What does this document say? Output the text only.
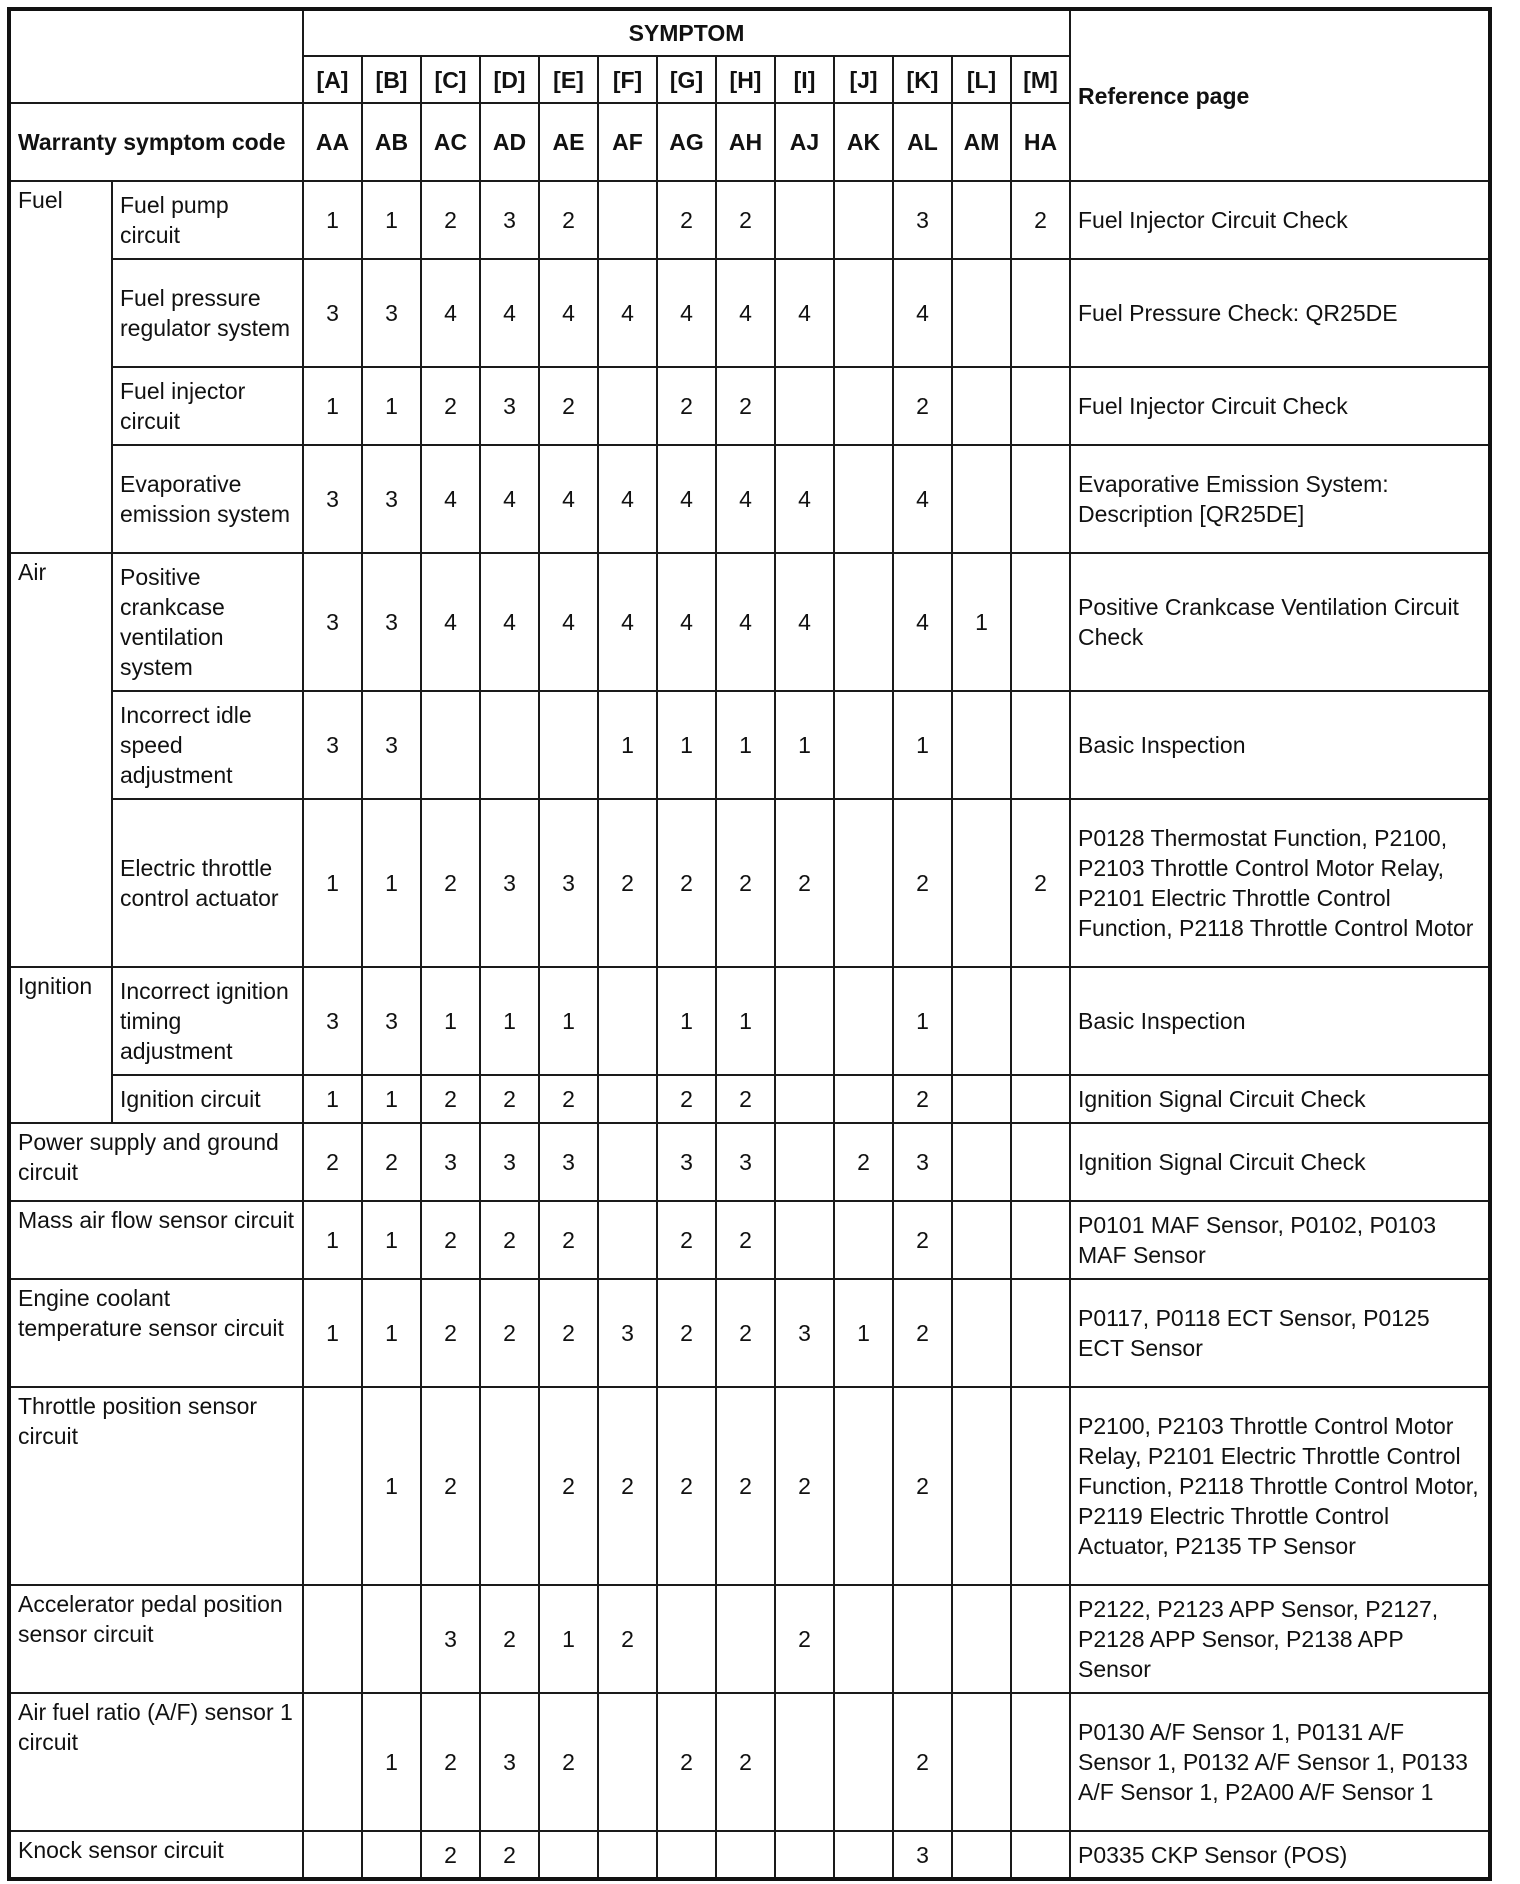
		SYMPTOM													Reference page
		[A]	[B]	[C]	[D]	[E]	[F]	[G]	[H]	[I]	[J]	[K]	[L]	[M]	
Warranty symptom code		AA	AB	AC	AD	AE	AF	AG	AH	AJ	AK	AL	AM	HA	
Fuel	Fuel pump circuit	1	1	2	3	2		2	2			3		2	Fuel Injector Circuit Check
	Fuel pressure regulator system	3	3	4	4	4	4	4	4	4		4			Fuel Pressure Check: QR25DE
	Fuel injector circuit	1	1	2	3	2		2	2			2			Fuel Injector Circuit Check
	Evaporative emission system	3	3	4	4	4	4	4	4	4		4			Evaporative Emission System: Description [QR25DE]
Air	Positive crankcase ventilation system	3	3	4	4	4	4	4	4	4		4	1		Positive Crankcase Ventilation Circuit Check
	Incorrect idle speed adjustment	3	3				1	1	1	1		1			Basic Inspection
	Electric throttle control actuator	1	1	2	3	3	2	2	2	2		2		2	P0128 Thermostat Function, P2100, P2103 Throttle Control Motor Relay, P2101 Electric Throttle Control Function, P2118 Throttle Control Motor
Ignition	Incorrect ignition timing adjustment	3	3	1	1	1		1	1			1			Basic Inspection
	Ignition circuit	1	1	2	2	2		2	2			2			Ignition Signal Circuit Check
Power supply and ground circuit		2	2	3	3	3		3	3		2	3			Ignition Signal Circuit Check
Mass air flow sensor circuit		1	1	2	2	2		2	2			2			P0101 MAF Sensor, P0102, P0103 MAF Sensor
Engine coolant temperature sensor circuit		1	1	2	2	2	3	2	2	3	1	2			P0117, P0118 ECT Sensor, P0125 ECT Sensor
Throttle position sensor circuit			1	2		2	2	2	2	2		2			P2100, P2103 Throttle Control Motor Relay, P2101 Electric Throttle Control Function, P2118 Throttle Control Motor, P2119 Electric Throttle Control Actuator, P2135 TP Sensor
Accelerator pedal position sensor circuit				3	2	1	2			2					P2122, P2123 APP Sensor, P2127, P2128 APP Sensor, P2138 APP Sensor
Air fuel ratio (A/F) sensor 1 circuit			1	2	3	2		2	2			2			P0130 A/F Sensor 1, P0131 A/F Sensor 1, P0132 A/F Sensor 1, P0133 A/F Sensor 1, P2A00 A/F Sensor 1
Knock sensor circuit				2	2							3			P0335 CKP Sensor (POS)
